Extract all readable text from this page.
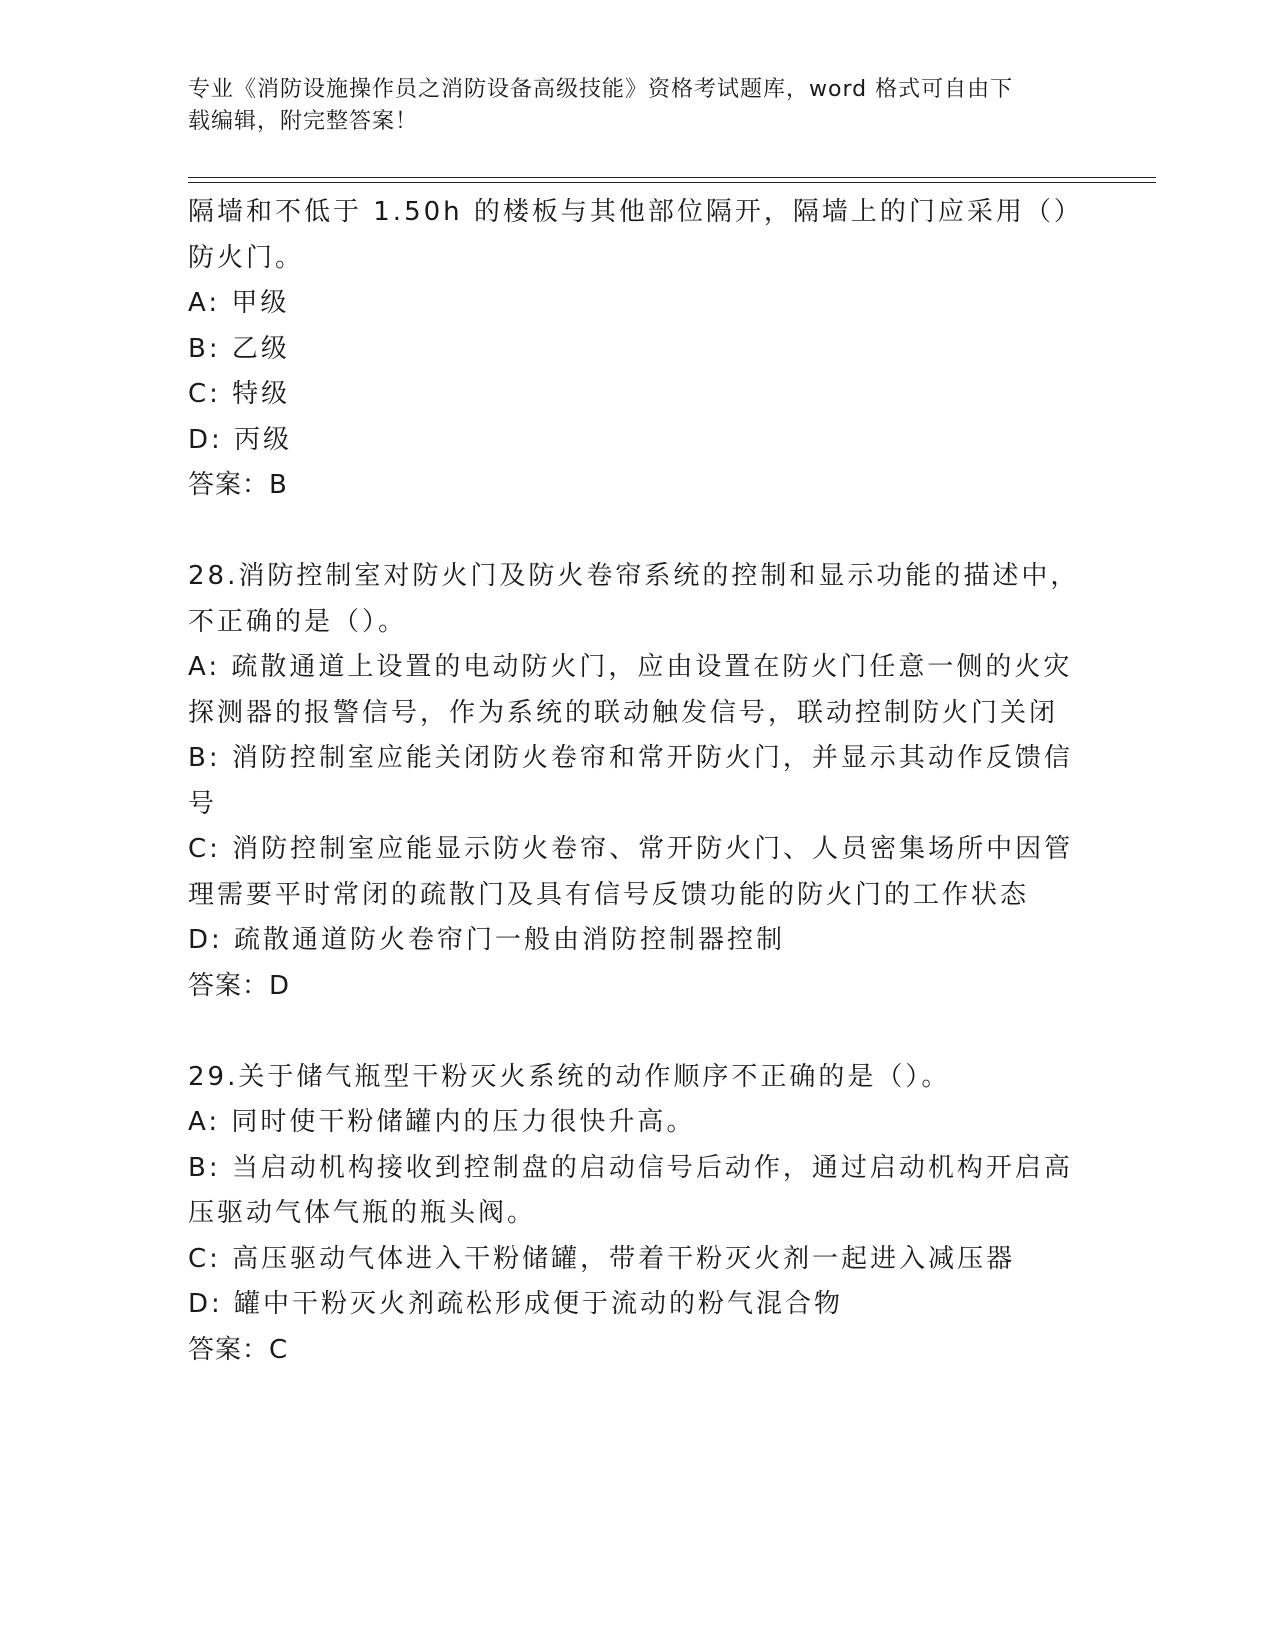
专业《消防设施操作员之消防设备高级技能》资格考试题库，word 格式可自由下
载编辑，附完整答案！
隔墙和不低于 1.50h 的楼板与其他部位隔开，隔墙上的门应采用（）
防火门。
A: 甲级
B: 乙级
C: 特级
D: 丙级
答案：B
28.消防控制室对防火门及防火卷帘系统的控制和显示功能的描述中，
不正确的是（）。
A: 疏散通道上设置的电动防火门，应由设置在防火门任意一侧的火灾
探测器的报警信号，作为系统的联动触发信号，联动控制防火门关闭
B: 消防控制室应能关闭防火卷帘和常开防火门，并显示其动作反馈信
号
C: 消防控制室应能显示防火卷帘、常开防火门、人员密集场所中因管
理需要平时常闭的疏散门及具有信号反馈功能的防火门的工作状态
D: 疏散通道防火卷帘门一般由消防控制器控制
答案：D
29.关于储气瓶型干粉灭火系统的动作顺序不正确的是（）。
A: 同时使干粉储罐内的压力很快升高。
B: 当启动机构接收到控制盘的启动信号后动作，通过启动机构开启高
压驱动气体气瓶的瓶头阀。
C: 高压驱动气体进入干粉储罐，带着干粉灭火剂一起进入减压器
D: 罐中干粉灭火剂疏松形成便于流动的粉气混合物
答案：C
